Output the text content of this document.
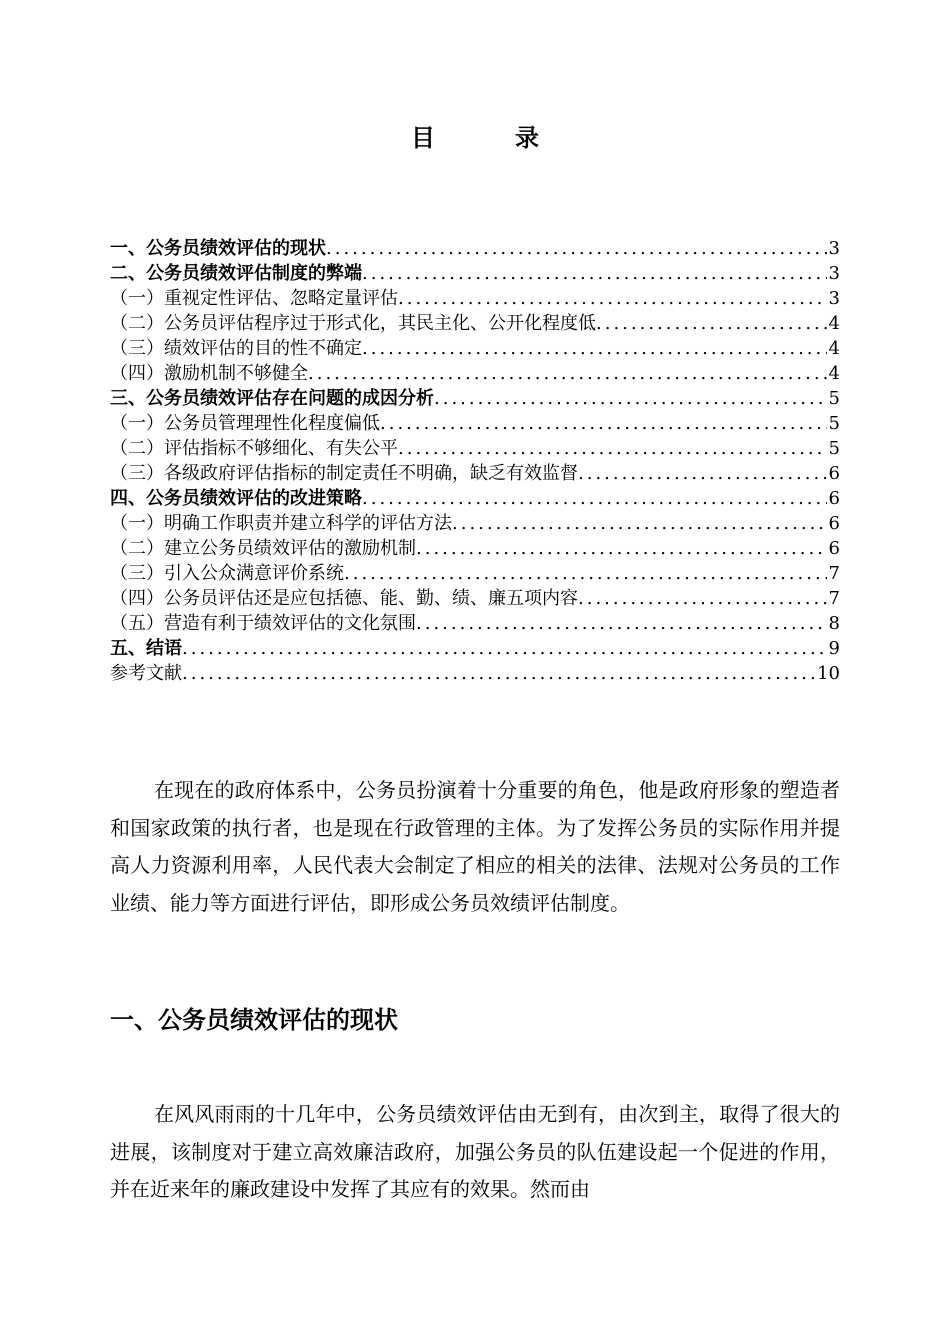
目　录
一、公务员绩效评估的现状 .....	3
二、公务员绩效评估制度的弊端 .....	3
（一）重视定性评估、忽略定量评估 .....	3
（二）公务员评估程序过于形式化，其民主化、公开化程度低 .....	4
（三）绩效评估的目的性不确定 .....	4
（四）激励机制不够健全 .....	4
三、公务员绩效评估存在问题的成因分析 .....	5
（一）公务员管理理性化程度偏低 .....	5
（二）评估指标不够细化、有失公平 .....	5
（三）各级政府评估指标的制定责任不明确，缺乏有效监督 .....	6
四、公务员绩效评估的改进策略 .....	6
（一）明确工作职责并建立科学的评估方法 .....	6
（二）建立公务员绩效评估的激励机制 .....	6
（三）引入公众满意评价系统 .....	7
（四）公务员评估还是应包括德、能、勤、绩、廉五项内容 .....	7
（五）营造有利于绩效评估的文化氛围 .....	8
五、结语 .....	9
参考文献 .....	10

在现在的政府体系中，公务员扮演着十分重要的角色，他是政府形象的塑造者和国家政策的执行者，也是现在行政管理的主体。为了发挥公务员的实际作用并提高人力资源利用率，人民代表大会制定了相应的相关的法律、法规对公务员的工作业绩、能力等方面进行评估，即形成公务员效绩评估制度。

一、公务员绩效评估的现状

在风风雨雨的十几年中，公务员绩效评估由无到有，由次到主，取得了很大的进展，该制度对于建立高效廉洁政府，加强公务员的队伍建设起一个促进的作用，并在近来年的廉政建设中发挥了其应有的效果。然而由
